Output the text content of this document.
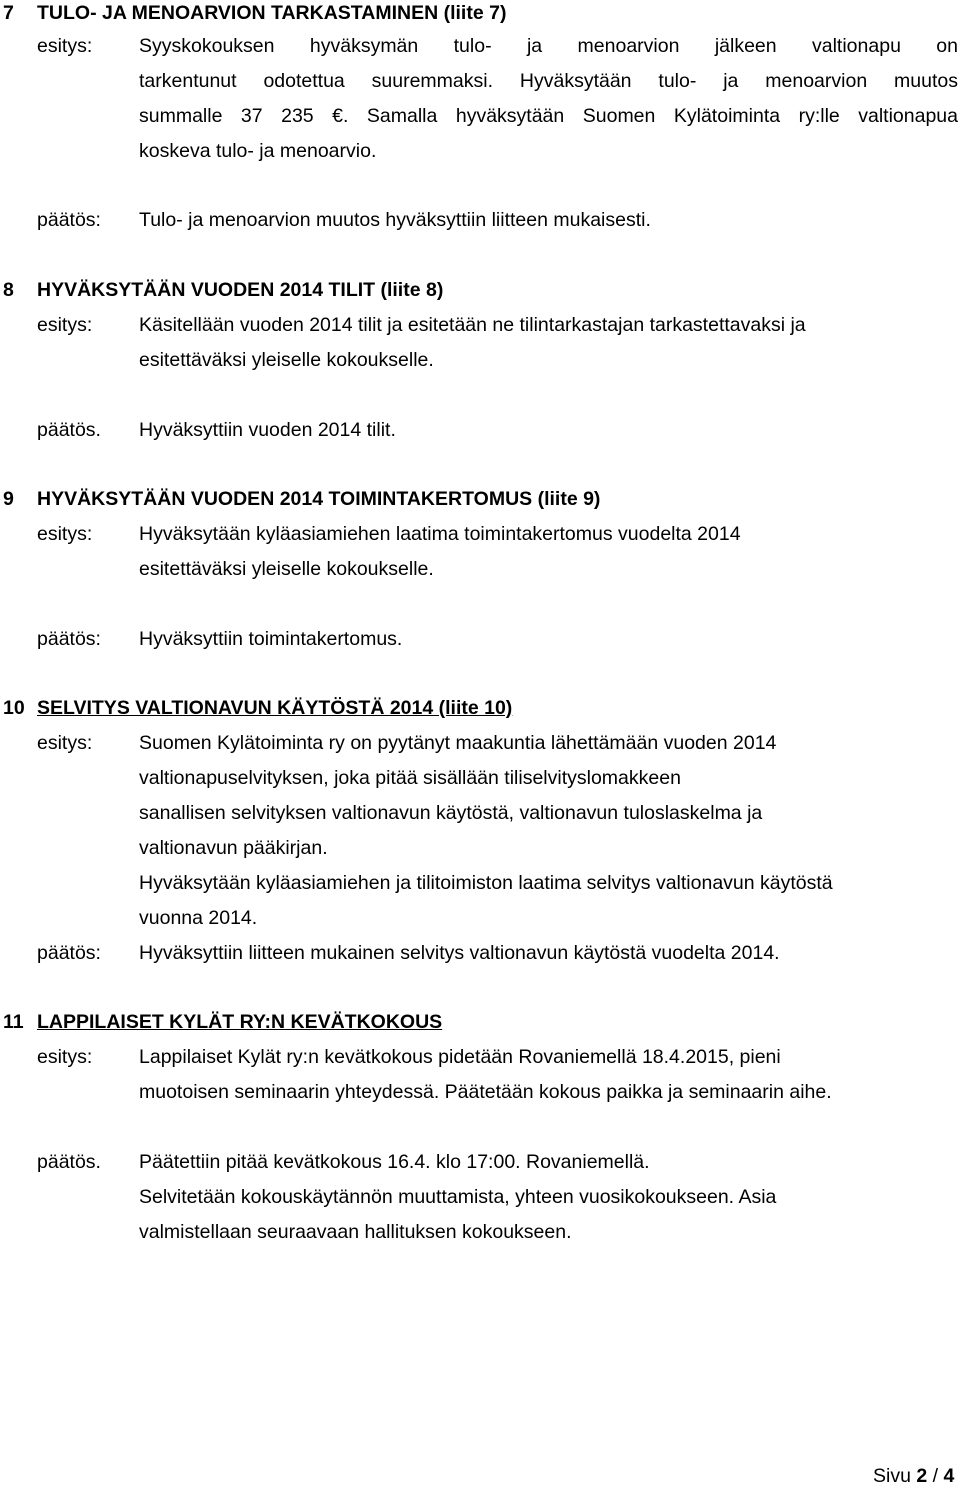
7 TULO- JA MENOARVION TARKASTAMINEN (liite 7)
esitys: Syyskokouksen hyväksymän tulo- ja menoarvion jälkeen valtionapu on
tarkentunut odotettua suuremmaksi. Hyväksytään tulo- ja menoarvion muutos
summalle 37 235 €. Samalla hyväksytään Suomen Kylätoiminta ry:lle valtionapua
koskeva tulo- ja menoarvio.
päätös: Tulo- ja menoarvion muutos hyväksyttiin liitteen mukaisesti.
8 HYVÄKSYTÄÄN VUODEN 2014 TILIT (liite 8)
esitys: Käsitellään vuoden 2014 tilit ja esitetään ne tilintarkastajan tarkastettavaksi ja
esitettäväksi yleiselle kokoukselle.
päätös. Hyväksyttiin vuoden 2014 tilit.
9 HYVÄKSYTÄÄN VUODEN 2014 TOIMINTAKERTOMUS (liite 9)
esitys: Hyväksytään kyläasiamiehen laatima toimintakertomus vuodelta 2014
esitettäväksi yleiselle kokoukselle.
päätös: Hyväksyttiin toimintakertomus.
10 SELVITYS VALTIONAVUN KÄYTÖSTÄ 2014 (liite 10)
esitys: Suomen Kylätoiminta ry on pyytänyt maakuntia lähettämään vuoden 2014
valtionapuselvityksen, joka pitää sisällään tiliselvityslomakkeen
sanallisen selvityksen valtionavun käytöstä, valtionavun tuloslaskelma ja
valtionavun pääkirjan.
Hyväksytään kyläasiamiehen ja tilitoimiston laatima selvitys valtionavun käytöstä
vuonna 2014.
päätös: Hyväksyttiin liitteen mukainen selvitys valtionavun käytöstä vuodelta 2014.
11 LAPPILAISET KYLÄT RY:N KEVÄTKOKOUS
esitys: Lappilaiset Kylät ry:n kevätkokous pidetään Rovaniemellä 18.4.2015, pieni
muotoisen seminaarin yhteydessä. Päätetään kokous paikka ja seminaarin aihe.
päätös. Päätettiin pitää kevätkokous 16.4. klo 17:00. Rovaniemellä.
Selvitetään kokouskäytännön muuttamista, yhteen vuosikokoukseen. Asia
valmistellaan seuraavaan hallituksen kokoukseen.
Sivu 2 / 4
